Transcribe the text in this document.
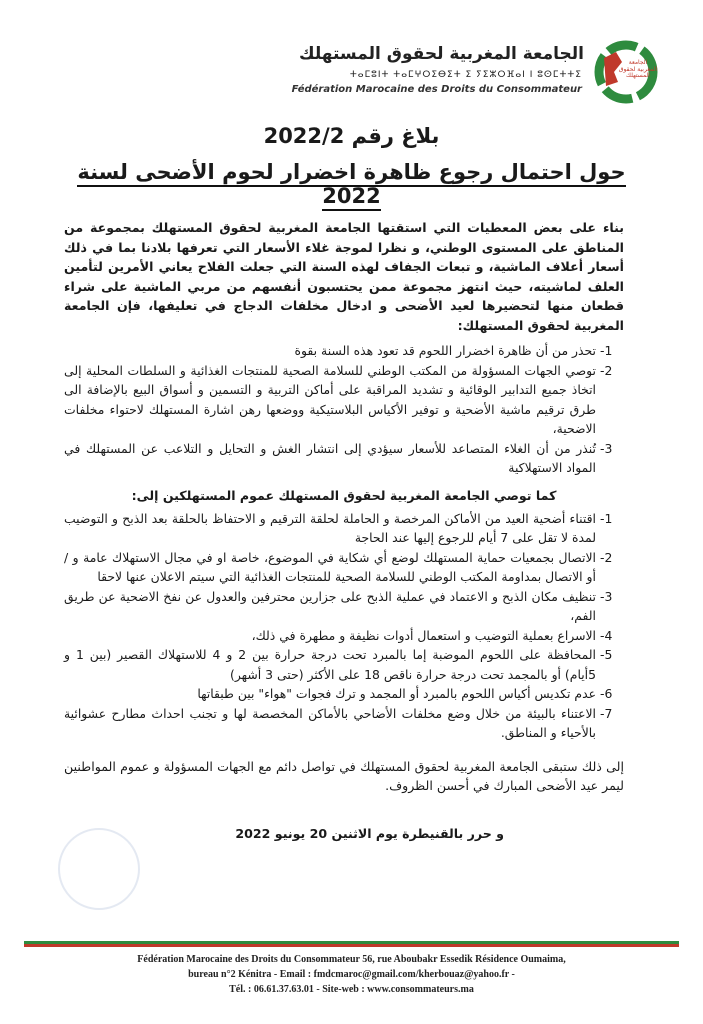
الجامعة المغربية لحقوق المستهلك
الجامعة المغربية لحقوق المستهلك
ⵜⴰⵎⵓⵏⵜ ⵜⴰⵎⵖⵔⵉⴱⵉⵜ ⵉ ⵢⵉⵣⵔⴼⴰⵏ ⵏ ⵓⵙⵎⵜⵜⵉ
Fédération Marocaine des Droits du Consommateur
بلاغ رقم 2022/2
حول احتمال رجوع ظاهرة اخضرار لحوم الأضحى لسنة 2022

بناء على بعض المعطيات التي استقتها الجامعة المغربية لحقوق المستهلك بمجموعة من المناطق على المستوى الوطني، و نظرا لموجة غلاء الأسعار التي تعرفها بلادنا بما في ذلك أسعار أعلاف الماشية، و تبعات الجفاف لهذه السنة التي جعلت الفلاح يعاني الأمرين لتأمين العلف لماشيته، حيث انتهز مجموعة ممن يحتسبون أنفسهم من مربي الماشية على شراء قطعان منها لتحضيرها لعيد الأضحى و ادخال مخلفات الدجاج في تعليفها، فإن الجامعة المغربية لحقوق المستهلك:

-1
تحذر من أن ظاهرة اخضرار اللحوم قد تعود هذه السنة بقوة
-2
توصي الجهات المسؤولة من المكتب الوطني للسلامة الصحية للمنتجات الغذائية و السلطات المحلية إلى اتخاذ جميع التدابير الوقائية و تشديد المراقبة على أماكن التربية و التسمين و أسواق البيع بالإضافة الى طرق ترقيم ماشية الأضحية و توفير الأكياس البلاستيكية ووضعها رهن اشارة المستهلك لاحتواء مخلفات الاضحية،
-3
تُنذر من أن الغلاء المتصاعد للأسعار سيؤدي إلى انتشار الغش و التحايل و التلاعب عن المستهلك في المواد الاستهلاكية
كما توصي الجامعة المغربية لحقوق المستهلك عموم المستهلكين إلى:
-1
اقتناء أضحية العيد من الأماكن المرخصة و الحاملة لحلقة الترقيم و الاحتفاظ بالحلقة بعد الذبح و التوضيب لمدة لا تقل على 7 أيام للرجوع إليها عند الحاجة
-2
الاتصال بجمعيات حماية المستهلك لوضع أي شكاية في الموضوع، خاصة او في مجال الاستهلاك عامة و / أو الاتصال بمداومة المكتب الوطني للسلامة الصحية للمنتجات الغذائية التي سيتم الاعلان عنها لاحقا
-3
تنظيف مكان الذبح و الاعتماد في عملية الذبح على جزارين محترفين والعدول عن نفخ الاضحية عن طريق الفم،
-4
الاسراع بعملية التوضيب و استعمال أدوات نظيفة و مطهرة في ذلك،
-5
المحافظة على اللحوم الموضبة إما بالمبرد تحت درجة حرارة بين 2 و 4 للاستهلاك القصير (بين 1 و 5أيام) أو بالمجمد تحت درجة حرارة ناقص 18 على الأكثر (حتى 3 أشهر)
-6
عدم تكديس أكياس اللحوم بالمبرد أو المجمد و ترك فجوات "هواء" بين طبقاتها
-7
الاعتناء بالبيئة من خلال وضع مخلفات الأضاحي بالأماكن المخصصة لها و تجنب احداث مطارح عشوائية بالأحياء و المناطق.

إلى ذلك ستبقى الجامعة المغربية لحقوق المستهلك في تواصل دائم مع الجهات المسؤولة و عموم المواطنين ليمر عيد الأضحى المبارك في أحسن الظروف.

و حرر بالقنيطرة يوم الاثنين 20 يونيو 2022

Fédération Marocaine des Droits du Consommateur 56, rue Aboubakr Essedik Résidence Oumaima,
bureau n°2 Kénitra - Email : fmdcmaroc@gmail.com/kherbouaz@yahoo.fr -
Tél. : 06.61.37.63.01 - Site-web : www.consommateurs.ma
